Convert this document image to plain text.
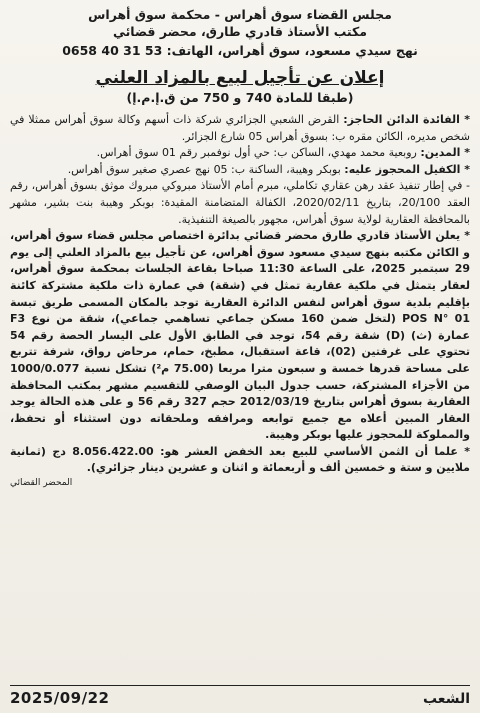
مجلس القضاء سوق أهراس - محكمة سوق أهراس
مكتب الأستاذ قادري طارق، محضر قضائي
نهج سيدي مسعود، سوق أهراس، الهاتف: 53 31 40 0658
إعلان عن تأجيل لبيع بالمزاد العلني
(طبقا للمادة 740 و 750 من ق.إ.م.إ)

* الفائدة الدائن الحاجز: القرض الشعبي الجزائري شركة ذات أسهم وكالة سوق أهراس ممثلا في شخص مديره، الكائن مقره ب: بسوق أهراس 05 شارع الجزائر.

* المدين: روبعية محمد مهدي، الساكن ب: حي أول نوفمبر رقم 01 سوق أهراس.

* الكفيل المحجوز عليه: بوبكر وهيبة، الساكنة ب: 05 نهج عصري صغير سوق أهراس.

- في إطار تنفيذ عقد رهن عقاري تكاملي، مبرم أمام الأستاذ مبروكي مبروك موثق بسوق أهراس، رقم العقد 20/100، بتاريخ 2020/02/11، الكفالة المتضامنة المقيدة: بوبكر وهيبة بنت بشير، مشهر بالمحافظة العقارية لولاية سوق أهراس، مجهور بالصيغة التنفيذية.

* يعلن الأستاذ قادري طارق محضر قضائي بدائرة اختصاص مجلس قضاء سوق أهراس، و الكائن مكتبه بنهج سيدي مسعود سوق أهراس، عن تأجيل بيع بالمزاد العلني إلى يوم 29 سبتمبر 2025، على الساعة 11:30 صباحا بقاعة الجلسات بمحكمة سوق أهراس، لعقار يتمثل في ملكية عقارية تمثل في (شقة) في عمارة ذات ملكية مشتركة كائنة بإقليم بلدية سوق أهراس لنفس الدائرة العقارية توجد بالمكان المسمى طريق تبسة POS N° 01 (لتخل ضمن 160 مسكن جماعي تساهمي جماعي)، شقة من نوع F3 عمارة (ث) (D) شقة رقم 54، توجد في الطابق الأول على اليسار الحصة رقم 54 تحتوي على غرفتين (02)، قاعة استقبال، مطبخ، حمام، مرحاض رواق، شرفة تتربع على مساحة قدرها خمسة و سبعون مترا مربعا (75.00 م²) تشكل نسبة 1000/0.077 من الأجزاء المشتركة، حسب جدول البيان الوصفي للتقسيم مشهر بمكتب المحافظة العقارية بسوق أهراس بتاريخ 2012/03/19 حجم 327 رقم 56 و على هذه الحالة يوجد العقار المبين أعلاه مع جميع توابعه ومرافقه وملحقاته دون استثناء أو تحفظ، والمملوكة للمحجوز عليها بوبكر وهيبة.

* علما أن الثمن الأساسي للبيع بعد الخفض العشر هو: 8.056.422.00 دج (ثمانية ملايين و ستة و خمسين ألف و أربعمائة و اثنان و عشرين دينار جزائري).

المحضر القضائي
2025/09/22	الشعب
